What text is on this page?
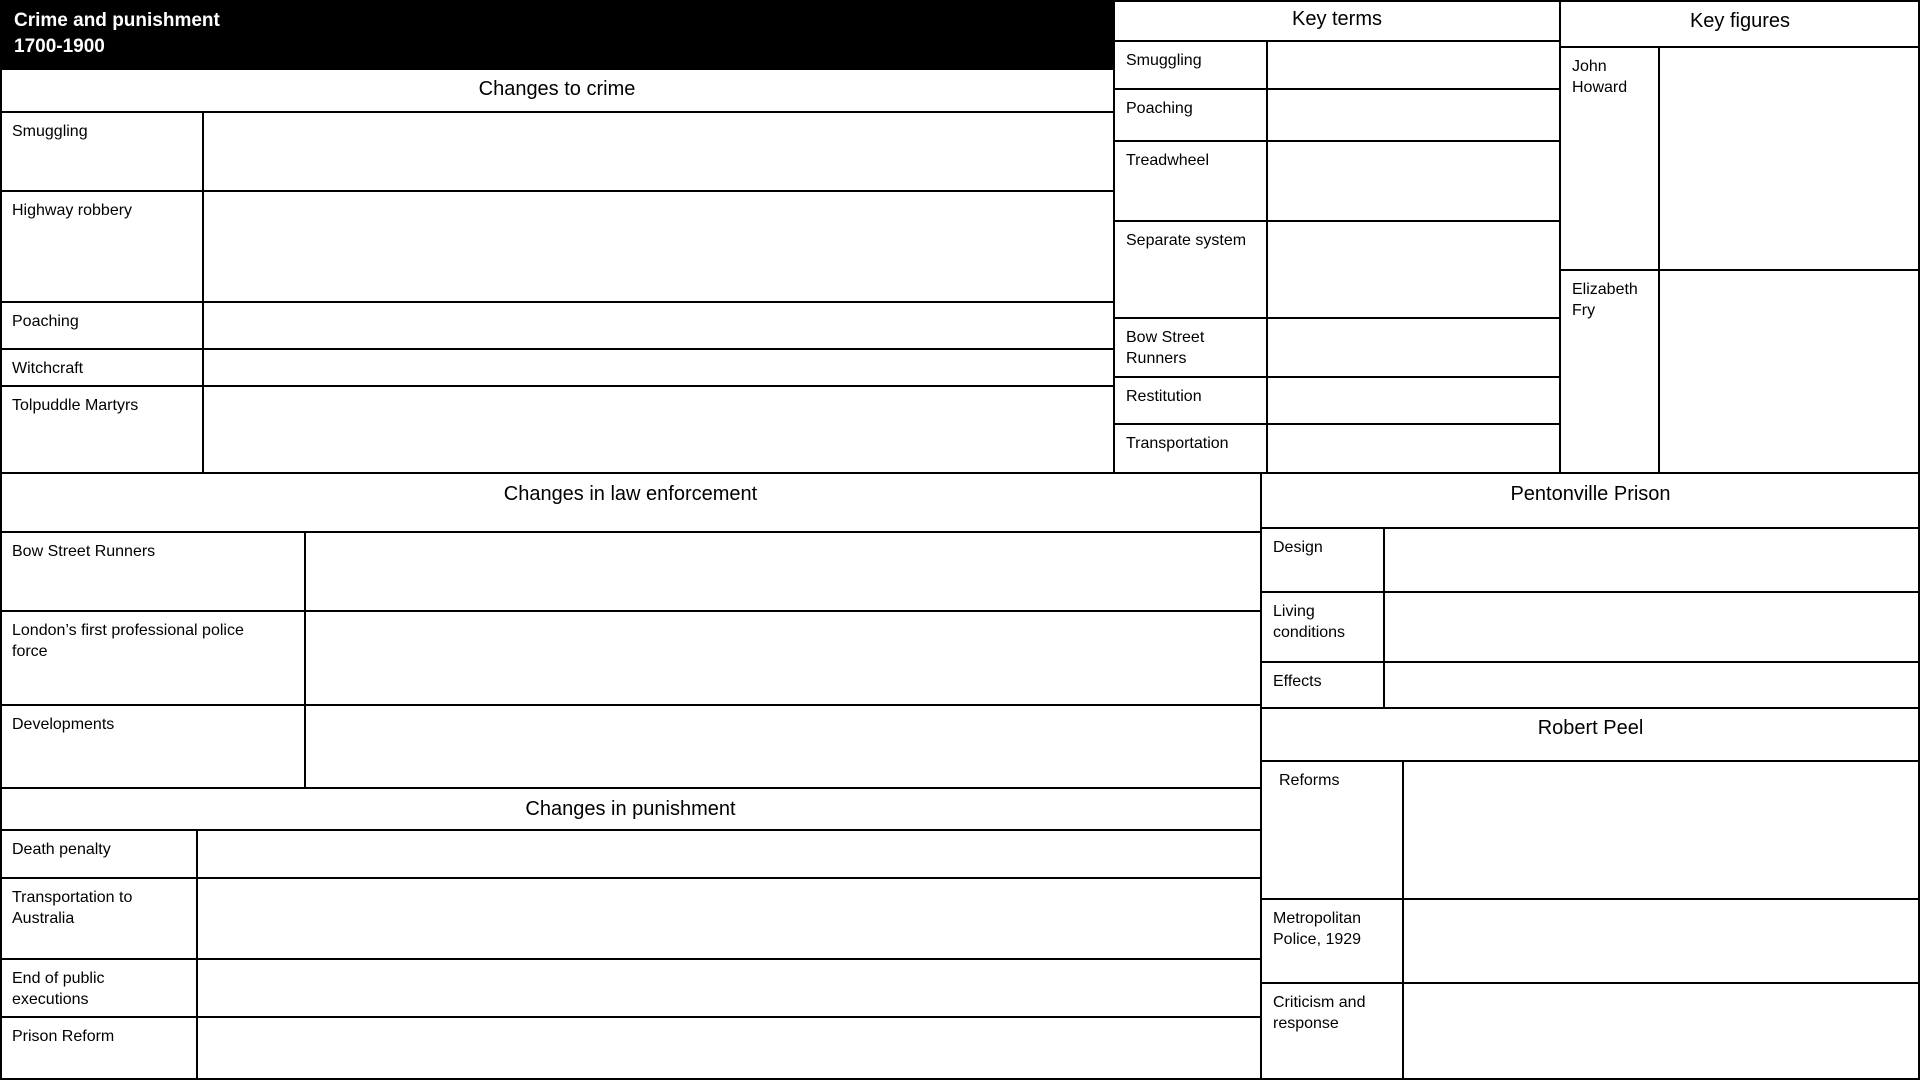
Crime and punishment
1700-1900
Changes to crime
Smuggling
Highway robbery
Poaching
Witchcraft
Tolpuddle Martyrs
Key terms
Smuggling
Poaching
Treadwheel
Separate system
Bow Street Runners
Restitution
Transportation
Key figures
John Howard
Elizabeth Fry
Changes in law enforcement
Bow Street Runners
London’s first professional police force
Developments
Changes in punishment
Death penalty
Transportation to Australia
End of public executions
Prison Reform
Pentonville Prison
Design
Living conditions
Effects
Robert Peel
Reforms
Metropolitan Police, 1929
Criticism and response
